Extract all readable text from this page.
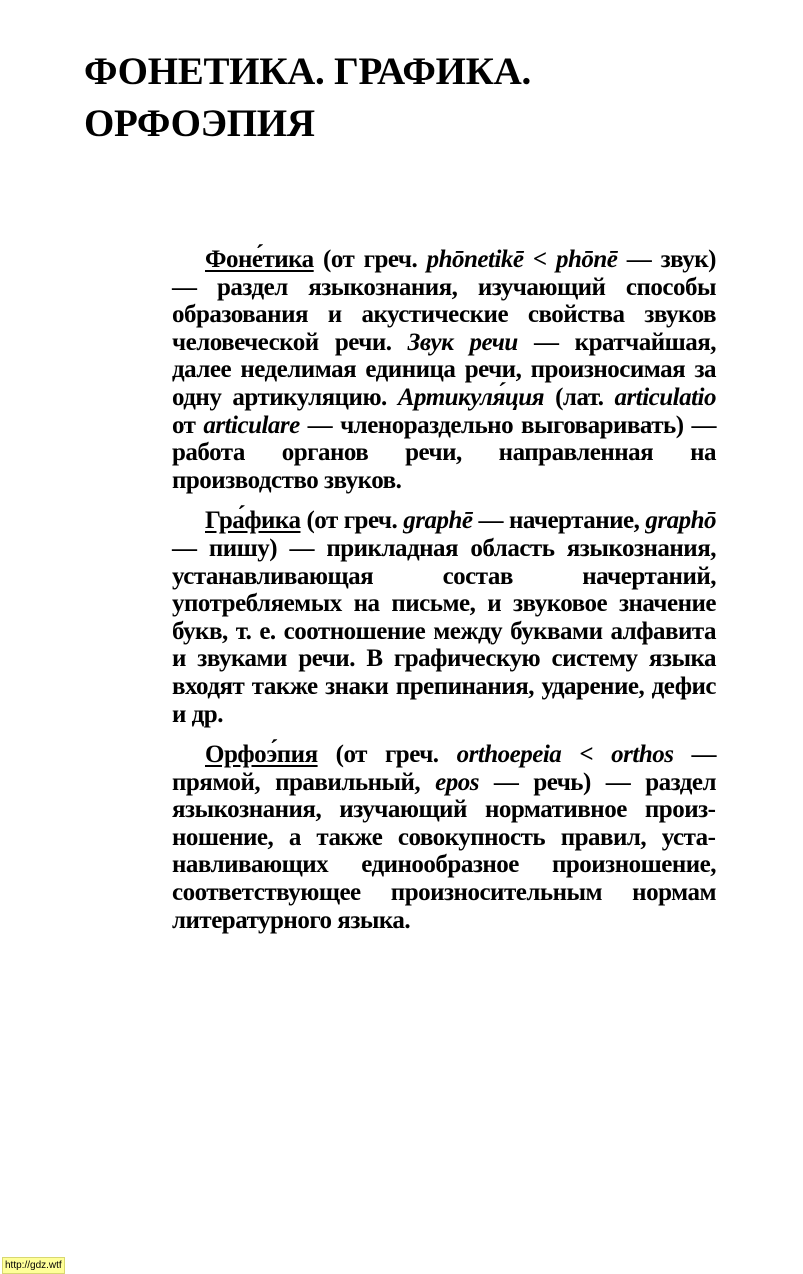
ФОНЕТИКА. ГРАФИКА.
ОРФОЭПИЯ

Фоне́тика (от греч. phōnetikē < phōnē — звук) — раздел языкознания, изучающий способы образования и акустические свойства звуков человеческой речи. Звук речи — кратчайшая, далее неделимая единица речи, произносимая за одну артикуляцию. Артикуля́ция (лат. articulatio от articulare — членораздельно выговаривать) — работа органов речи, направленная на производство звуков.

Гра́фика (от греч. graphē — начертание, graphō — пишу) — прикладная область языкознания, устанавливающая состав начертаний, употребляемых на письме, и звуковое значение букв, т. е. соотношение между буквами алфавита и звуками речи. В графическую систему языка входят также знаки препинания, ударение, дефис и др.

Орфоэ́пия (от греч. orthoepeia < orthos — прямой, правильный, epos — речь) — раздел языкознания, изучающий нормативное произношение, а также совокупность правил, устанавливающих единообразное произношение, соответствующее произносительным нормам литературного языка.

http://gdz.wtf
